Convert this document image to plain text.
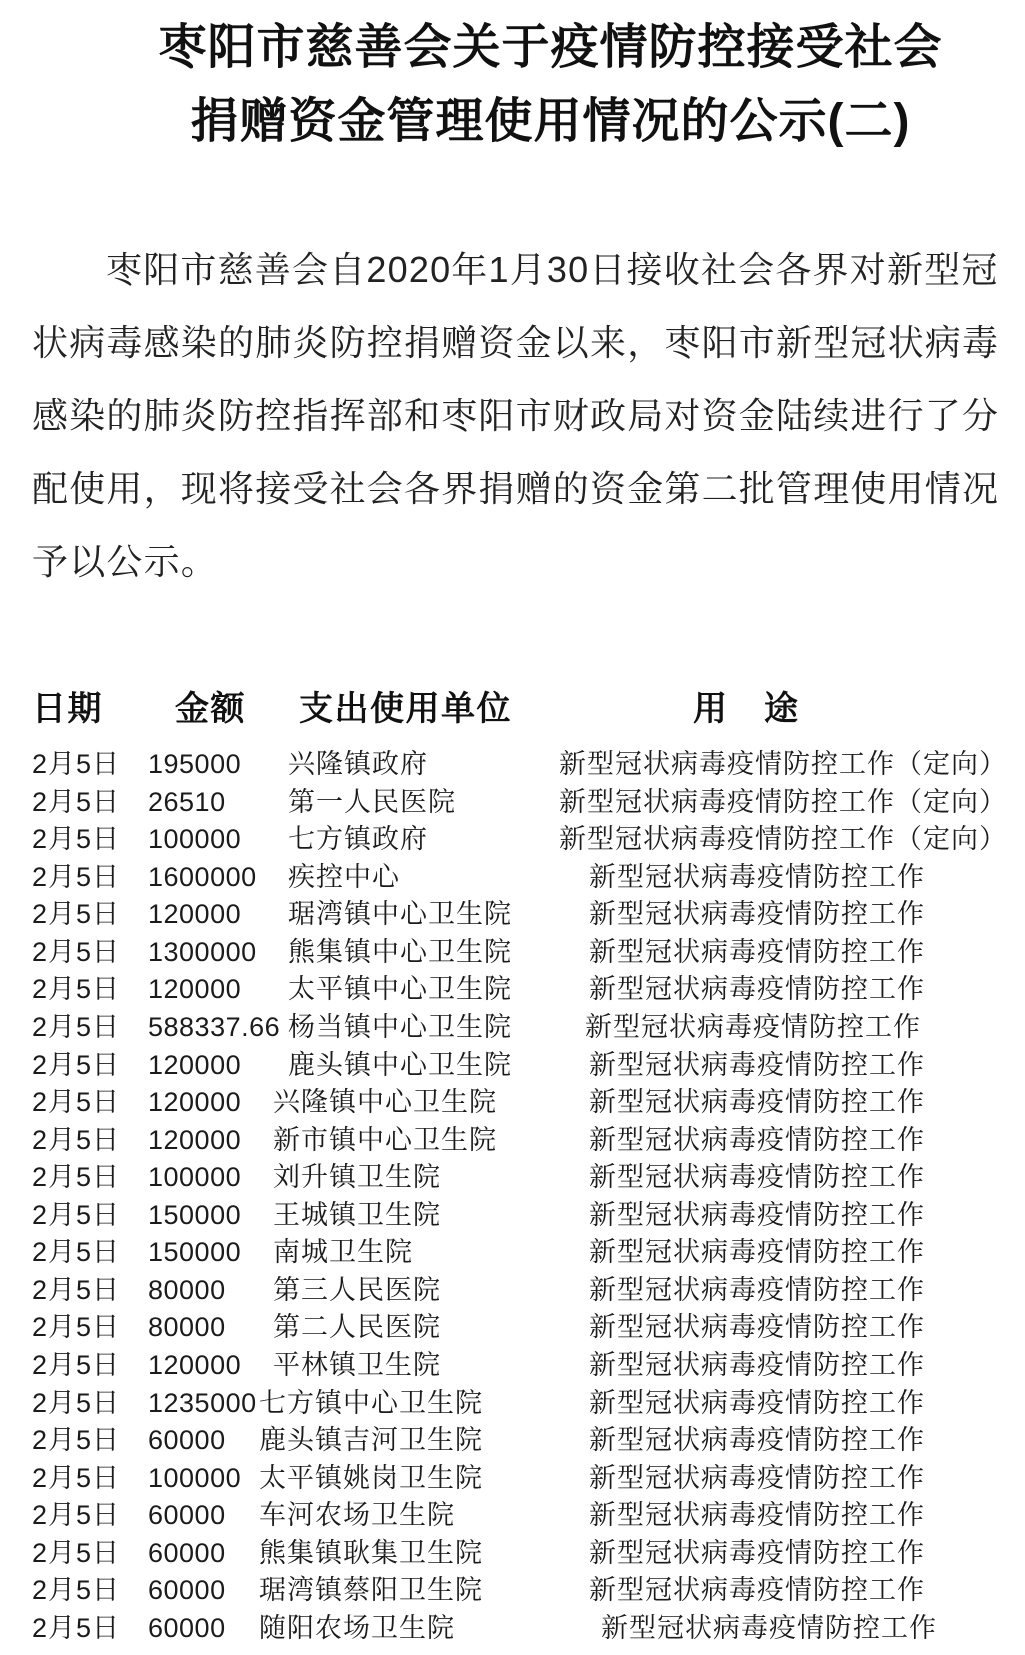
枣阳市慈善会关于疫情防控接受社会
捐赠资金管理使用情况的公示(二)
枣阳市慈善会自2020年1月30日接收社会各界对新型冠
状病毒感染的肺炎防控捐赠资金以来，枣阳市新型冠状病毒
感染的肺炎防控指挥部和枣阳市财政局对资金陆续进行了分
配使用，现将接受社会各界捐赠的资金第二批管理使用情况
予以公示。
日期 金额 支出使用单位	用　途
2月5日 195000 兴隆镇政府	新型冠状病毒疫情防控工作（定向）
2月5日 26510 第一人民医院	新型冠状病毒疫情防控工作（定向）
2月5日 100000 七方镇政府	新型冠状病毒疫情防控工作（定向）
2月5日 1600000 疾控中心	新型冠状病毒疫情防控工作
2月5日 120000 琚湾镇中心卫生院	新型冠状病毒疫情防控工作
2月5日 1300000 熊集镇中心卫生院	新型冠状病毒疫情防控工作
2月5日 120000 太平镇中心卫生院	新型冠状病毒疫情防控工作
2月5日 588337.66 杨当镇中心卫生院	新型冠状病毒疫情防控工作
2月5日 120000 鹿头镇中心卫生院	新型冠状病毒疫情防控工作
2月5日 120000 兴隆镇中心卫生院	新型冠状病毒疫情防控工作
2月5日 120000 新市镇中心卫生院	新型冠状病毒疫情防控工作
2月5日 100000 刘升镇卫生院	新型冠状病毒疫情防控工作
2月5日 150000 王城镇卫生院	新型冠状病毒疫情防控工作
2月5日 150000 南城卫生院	新型冠状病毒疫情防控工作
2月5日 80000 第三人民医院	新型冠状病毒疫情防控工作
2月5日 80000 第二人民医院	新型冠状病毒疫情防控工作
2月5日 120000 平林镇卫生院	新型冠状病毒疫情防控工作
2月5日 1235000 七方镇中心卫生院	新型冠状病毒疫情防控工作
2月5日 60000 鹿头镇吉河卫生院	新型冠状病毒疫情防控工作
2月5日 100000 太平镇姚岗卫生院	新型冠状病毒疫情防控工作
2月5日 60000 车河农场卫生院	新型冠状病毒疫情防控工作
2月5日 60000 熊集镇耿集卫生院	新型冠状病毒疫情防控工作
2月5日 60000 琚湾镇蔡阳卫生院	新型冠状病毒疫情防控工作
2月5日 60000 随阳农场卫生院	新型冠状病毒疫情防控工作
